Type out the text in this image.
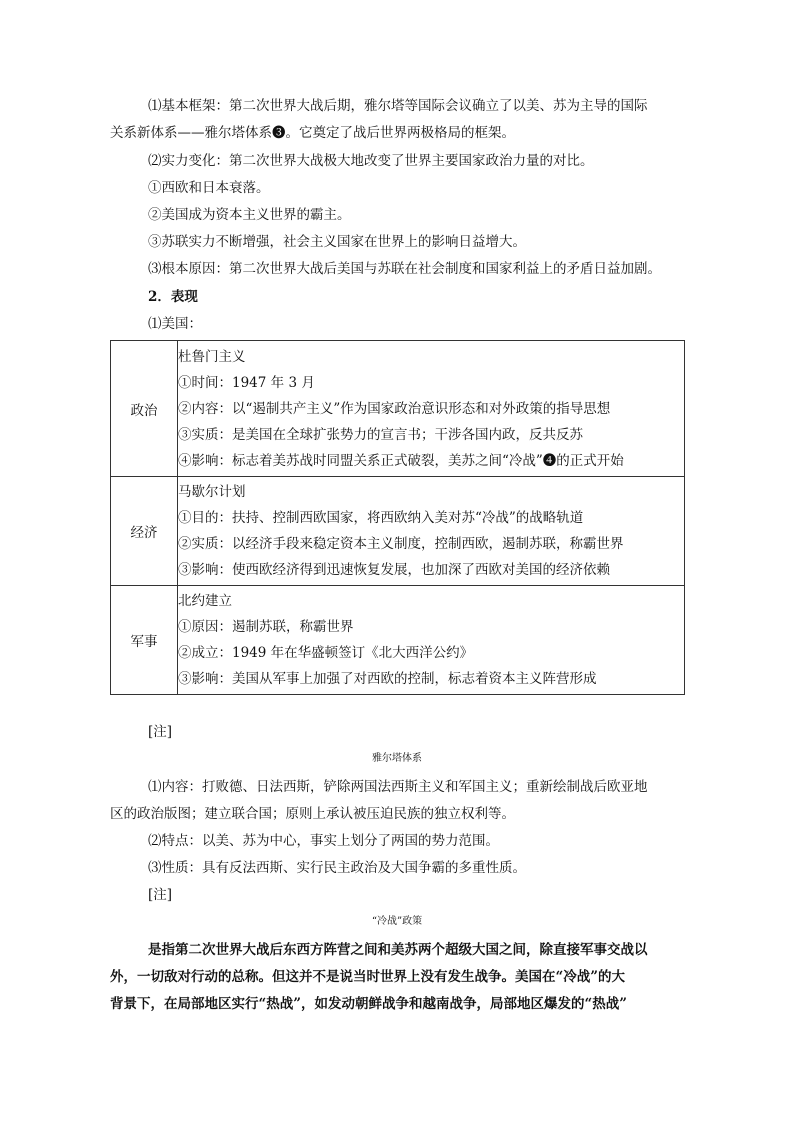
⑴基本框架：第二次世界大战后期，雅尔塔等国际会议确立了以美、苏为主导的国际
关系新体系——雅尔塔体系❸。它奠定了战后世界两极格局的框架。
⑵实力变化：第二次世界大战极大地改变了世界主要国家政治力量的对比。
①西欧和日本衰落。
②美国成为资本主义世界的霸主。
③苏联实力不断增强，社会主义国家在世界上的影响日益增大。
⑶根本原因：第二次世界大战后美国与苏联在社会制度和国家利益上的矛盾日益加剧。
2．表现
⑴美国：
政治	杜鲁门主义
①时间：1947 年 3 月
②内容：以“遏制共产主义”作为国家政治意识形态和对外政策的指导思想
③实质：是美国在全球扩张势力的宣言书；干涉各国内政，反共反苏
④影响：标志着美苏战时同盟关系正式破裂，美苏之间“冷战”❹的正式开始

经济	马歇尔计划
①目的：扶持、控制西欧国家，将西欧纳入美对苏“冷战”的战略轨道
②实质：以经济手段来稳定资本主义制度，控制西欧，遏制苏联，称霸世界
③影响：使西欧经济得到迅速恢复发展，也加深了西欧对美国的经济依赖

军事	北约建立
①原因：遏制苏联，称霸世界
②成立：1949 年在华盛顿签订《北大西洋公约》
③影响：美国从军事上加强了对西欧的控制，标志着资本主义阵营形成
[注]
雅尔塔体系
⑴内容：打败德、日法西斯，铲除两国法西斯主义和军国主义；重新绘制战后欧亚地
区的政治版图；建立联合国；原则上承认被压迫民族的独立权利等。
⑵特点：以美、苏为中心，事实上划分了两国的势力范围。
⑶性质：具有反法西斯、实行民主政治及大国争霸的多重性质。
[注]
“冷战”政策
是指第二次世界大战后东西方阵营之间和美苏两个超级大国之间，除直接军事交战以
外，一切敌对行动的总称。但这并不是说当时世界上没有发生战争。美国在“冷战”的大
背景下，在局部地区实行“热战”，如发动朝鲜战争和越南战争，局部地区爆发的“热战”
